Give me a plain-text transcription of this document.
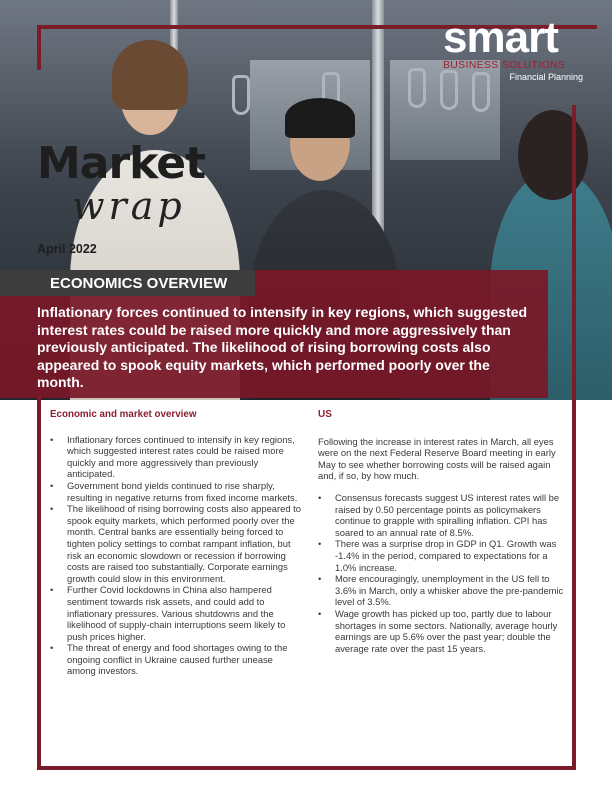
smart
BUSINESS SOLUTIONS
Financial Planning
Market
wrap
April 2022
ECONOMICS OVERVIEW
Inflationary forces continued to intensify in key regions, which suggested interest rates could be raised more quickly and more aggressively than previously anticipated. The likelihood of rising borrowing costs also appeared to spook equity markets, which performed poorly over the month.
Economic and market overview
• Inflationary forces continued to intensify in key regions, which suggested interest rates could be raised more quickly and more aggressively than previously anticipated.
• Government bond yields continued to rise sharply, resulting in negative returns from fixed income markets.
• The likelihood of rising borrowing costs also appeared to spook equity markets, which performed poorly over the month. Central banks are essentially being forced to tighten policy settings to combat rampant inflation, but risk an economic slowdown or recession if borrowing costs are raised too substantially. Corporate earnings growth could slow in this environment.
• Further Covid lockdowns in China also hampered sentiment towards risk assets, and could add to inflationary pressures. Various shutdowns and the likelihood of supply-chain interruptions seem likely to push prices higher.
• The threat of energy and food shortages owing to the ongoing conflict in Ukraine caused further unease among investors.
US
Following the increase in interest rates in March, all eyes were on the next Federal Reserve Board meeting in early May to see whether borrowing costs will be raised again and, if so, by how much.
• Consensus forecasts suggest US interest rates will be raised by 0.50 percentage points as policymakers continue to grapple with spiralling inflation. CPI has soared to an annual rate of 8.5%.
• There was a surprise drop in GDP in Q1. Growth was -1.4% in the period, compared to expectations for a 1.0% increase.
• More encouragingly, unemployment in the US fell to 3.6% in March, only a whisker above the pre-pandemic level of 3.5%.
• Wage growth has picked up too, partly due to labour shortages in some sectors. Nationally, average hourly earnings are up 5.6% over the past year; double the average rate over the past 15 years.
